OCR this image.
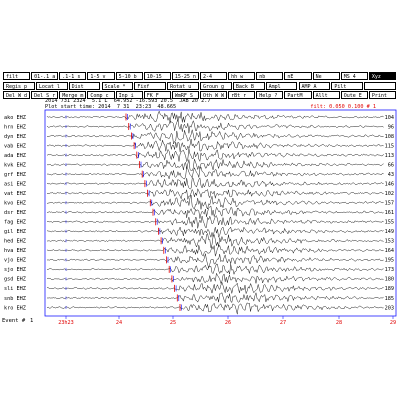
filt	01-.1 a	.1-1 s	1-5 v	5-10 b	10-15	15-25 n	2-4	hh w	nb	nE	Ne	MS 4	Xyz
Regis p	Locat l	Dist	Scale *	Fixf	Rotat u	Groun g	Back B	Ampl	AMP A	Pilt
Del W d	Del S r	Merge m	Comp c	Inp i	FK F	WmRF S	Oth W W	rBt r	Help ?	PartM	Allt	Oute E	Print
2014 731 2324  5.1 L  64.952 -16.593 20.5  JAB 20 2.7
Plot start time: 2014  7 31  23:23  48.665	filt: 0.050 0.100 # 1
ako EHZ	104
hrn EHZ	96
dyn EHZ	108
vab EHZ	115
ada EHZ	113
kvk EHZ	66
grf EHZ	43
asi EHZ	146
vat EHZ	102
kvo EHZ	157
dsr EHZ	161
fag EHZ	155
gil EHZ	149
hed EHZ	153
hva EHZ	164
vjo EHZ	195
sjo EHZ	173
gsd EHZ	180
sli EHZ	189
snb EHZ	185
kro EHZ	203
23h23	24	25	26	27	28	29
Event # 1
